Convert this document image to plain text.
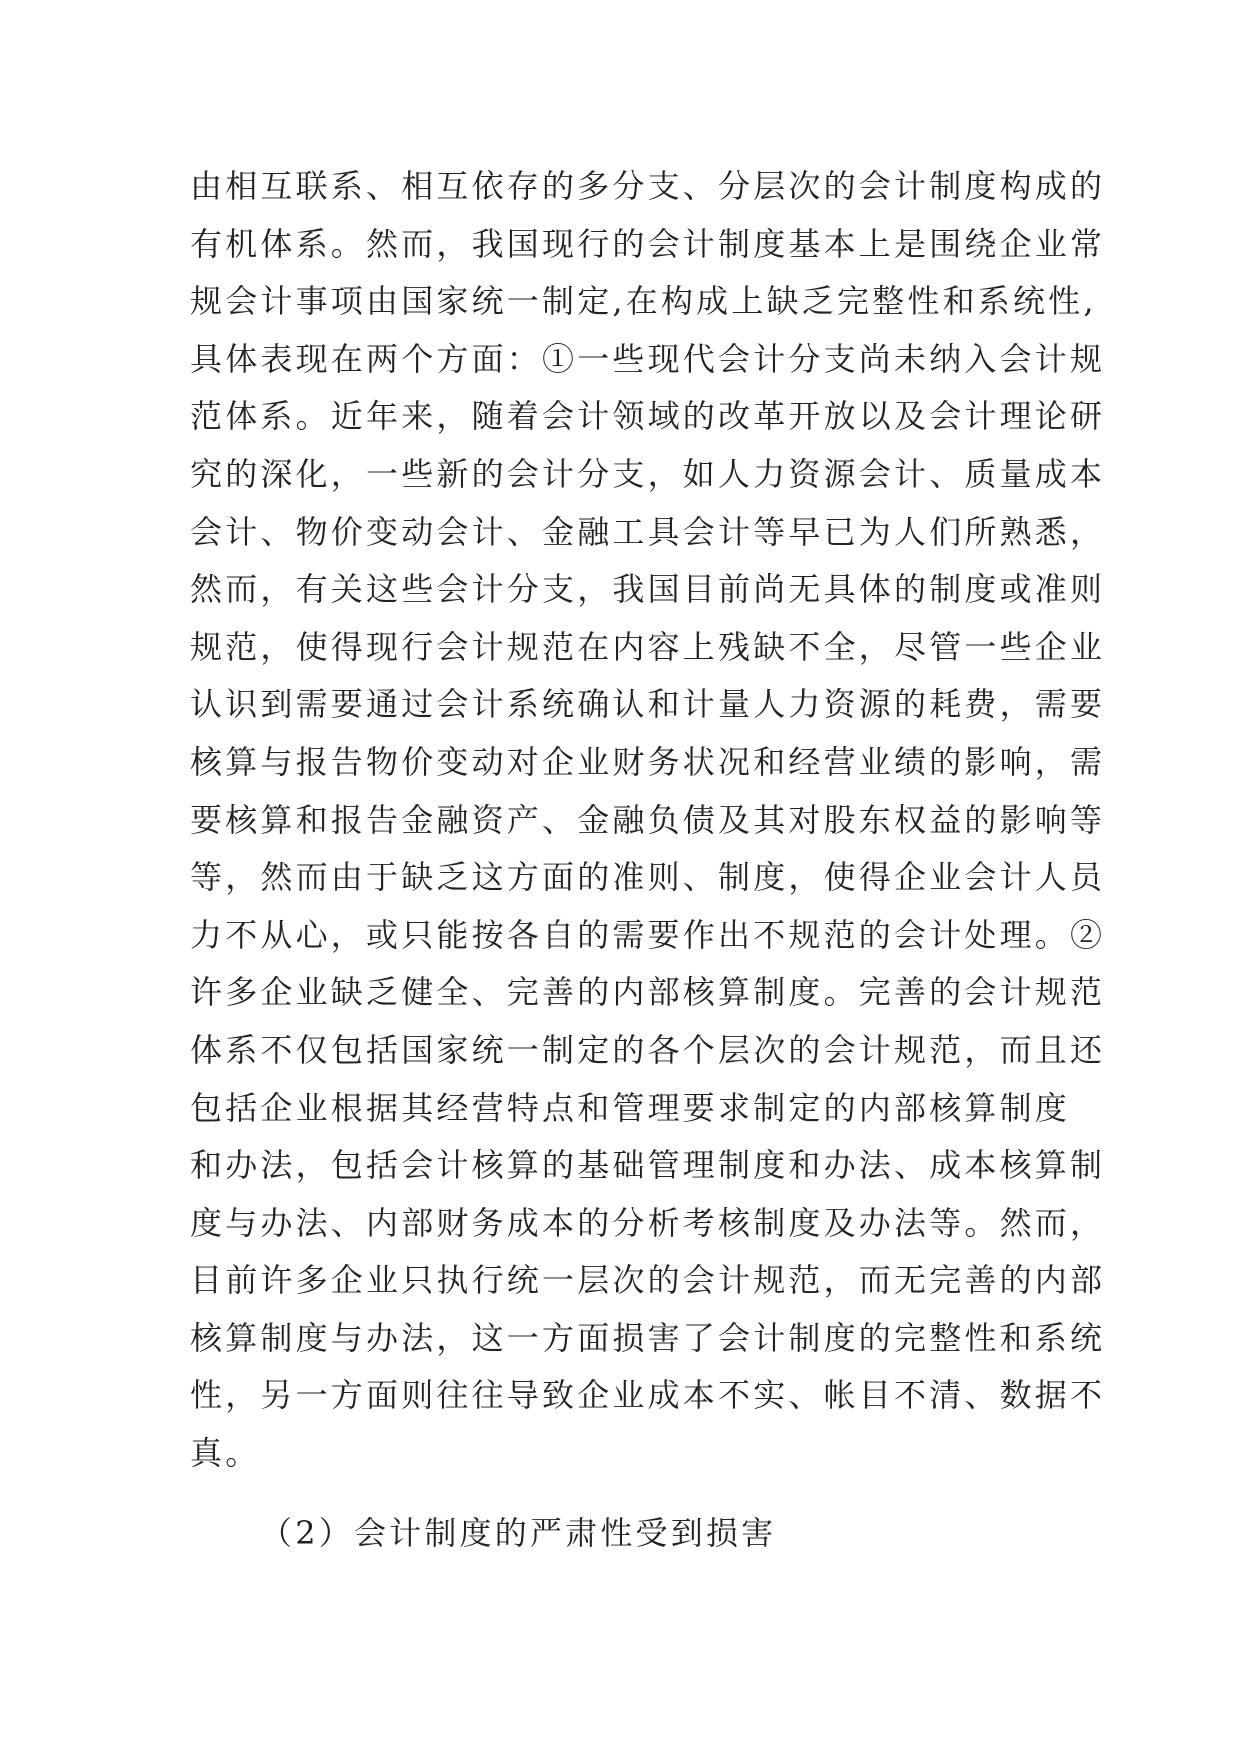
由相互联系、相互依存的多分支、分层次的会计制度构成的
有机体系。然而，我国现行的会计制度基本上是围绕企业常
规会计事项由国家统一制定,在构成上缺乏完整性和系统性,
具体表现在两个方面：①一些现代会计分支尚未纳入会计规
范体系。近年来，随着会计领域的改革开放以及会计理论研
究的深化，一些新的会计分支，如人力资源会计、质量成本
会计、物价变动会计、金融工具会计等早已为人们所熟悉，
然而，有关这些会计分支，我国目前尚无具体的制度或准则
规范，使得现行会计规范在内容上残缺不全，尽管一些企业
认识到需要通过会计系统确认和计量人力资源的耗费，需要
核算与报告物价变动对企业财务状况和经营业绩的影响，需
要核算和报告金融资产、金融负债及其对股东权益的影响等
等，然而由于缺乏这方面的准则、制度，使得企业会计人员
力不从心，或只能按各自的需要作出不规范的会计处理。②
许多企业缺乏健全、完善的内部核算制度。完善的会计规范
体系不仅包括国家统一制定的各个层次的会计规范，而且还
包括企业根据其经营特点和管理要求制定的内部核算制度
和办法，包括会计核算的基础管理制度和办法、成本核算制
度与办法、内部财务成本的分析考核制度及办法等。然而，
目前许多企业只执行统一层次的会计规范，而无完善的内部
核算制度与办法，这一方面损害了会计制度的完整性和系统
性，另一方面则往往导致企业成本不实、帐目不清、数据不
真。
（2）会计制度的严肃性受到损害
